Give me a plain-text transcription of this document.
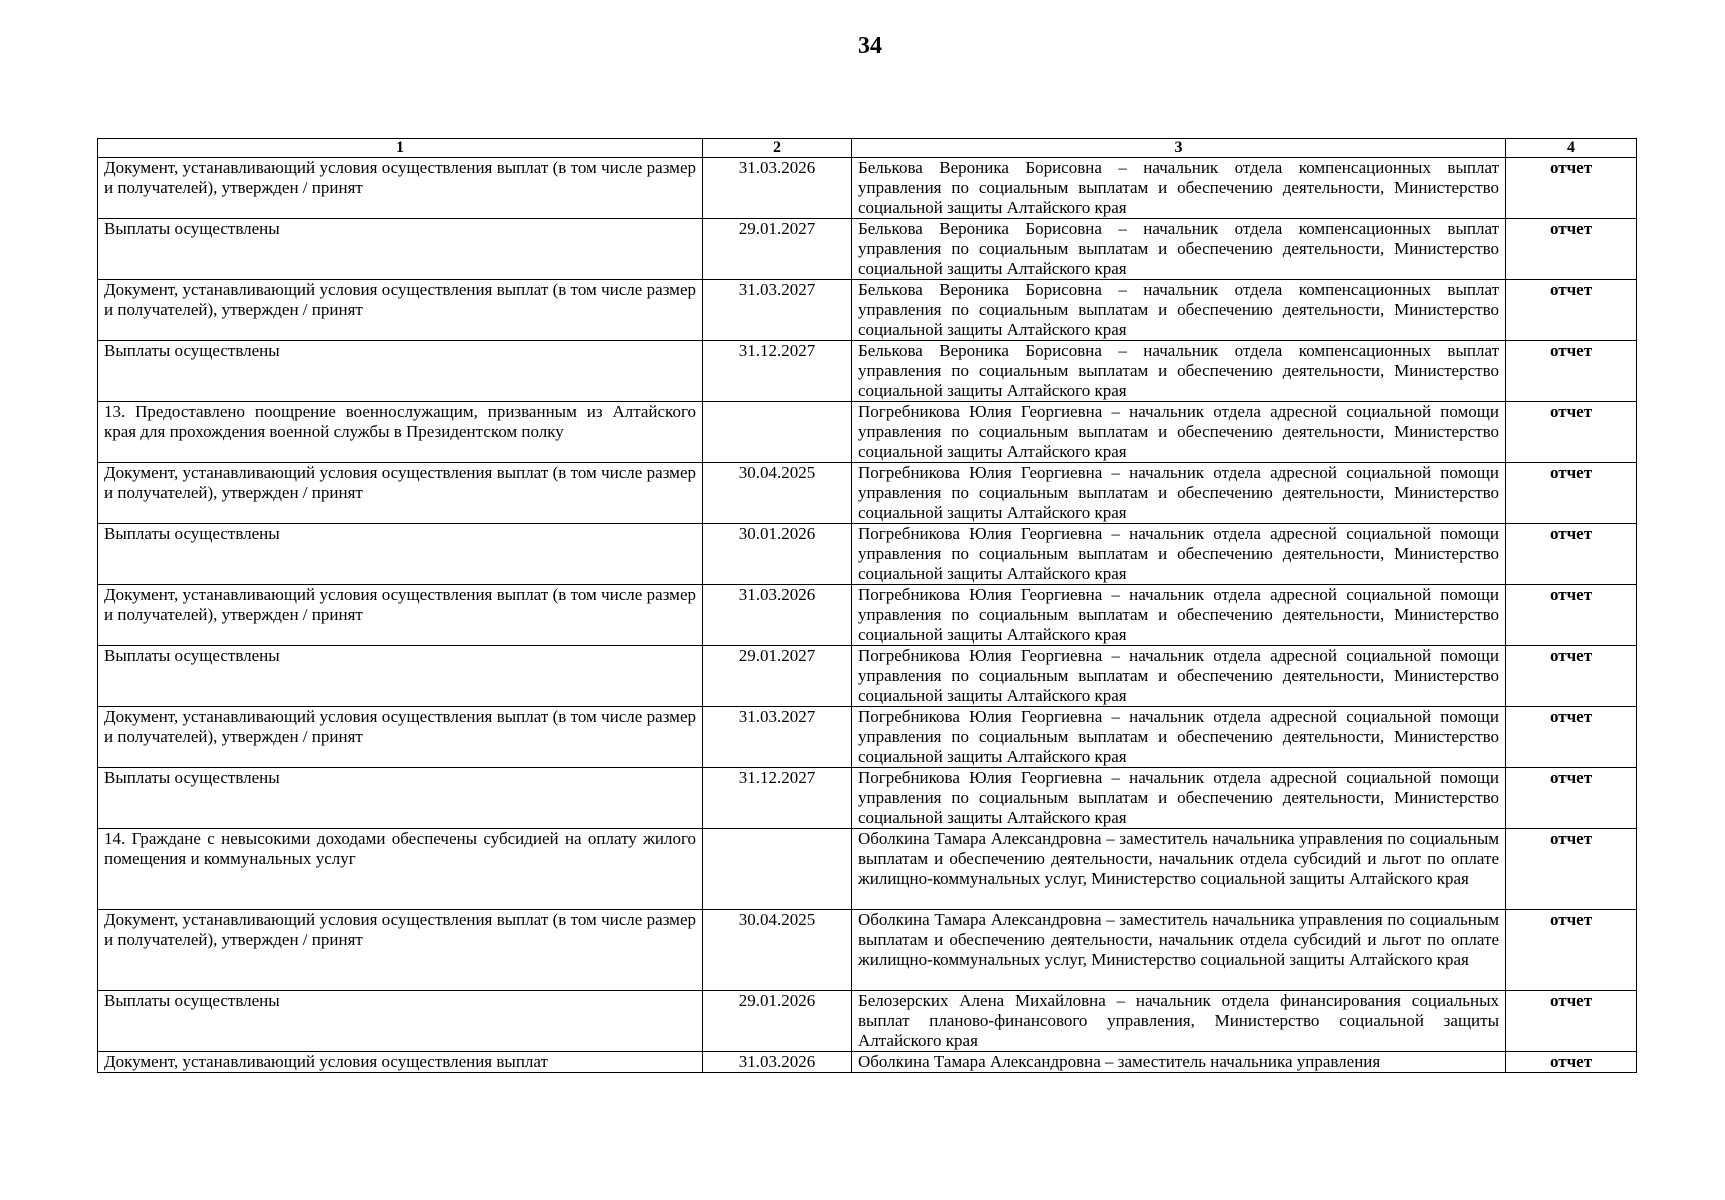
34
1	2	3	4
Документ, устанавливающий условия осуществления выплат (в том числе размер и получателей), утвержден / принят	31.03.2026	Белькова Вероника Борисовна – начальник отдела компенсационных выплат управления по социальным выплатам и обеспечению деятельности, Министерство социальной защиты Алтайского края	отчет
Выплаты осуществлены	29.01.2027	Белькова Вероника Борисовна – начальник отдела компенсационных выплат управления по социальным выплатам и обеспечению деятельности, Министерство социальной защиты Алтайского края	отчет
Документ, устанавливающий условия осуществления выплат (в том числе размер и получателей), утвержден / принят	31.03.2027	Белькова Вероника Борисовна – начальник отдела компенсационных выплат управления по социальным выплатам и обеспечению деятельности, Министерство социальной защиты Алтайского края	отчет
Выплаты осуществлены	31.12.2027	Белькова Вероника Борисовна – начальник отдела компенсационных выплат управления по социальным выплатам и обеспечению деятельности, Министерство социальной защиты Алтайского края	отчет
13. Предоставлено поощрение военнослужащим, призванным из Алтайского края для прохождения военной службы в Президентском полку		Погребникова Юлия Георгиевна – начальник отдела адресной социальной помощи управления по социальным выплатам и обеспечению деятельности, Министерство социальной защиты Алтайского края	отчет
Документ, устанавливающий условия осуществления выплат (в том числе размер и получателей), утвержден / принят	30.04.2025	Погребникова Юлия Георгиевна – начальник отдела адресной социальной помощи управления по социальным выплатам и обеспечению деятельности, Министерство социальной защиты Алтайского края	отчет
Выплаты осуществлены	30.01.2026	Погребникова Юлия Георгиевна – начальник отдела адресной социальной помощи управления по социальным выплатам и обеспечению деятельности, Министерство социальной защиты Алтайского края	отчет
Документ, устанавливающий условия осуществления выплат (в том числе размер и получателей), утвержден / принят	31.03.2026	Погребникова Юлия Георгиевна – начальник отдела адресной социальной помощи управления по социальным выплатам и обеспечению деятельности, Министерство социальной защиты Алтайского края	отчет
Выплаты осуществлены	29.01.2027	Погребникова Юлия Георгиевна – начальник отдела адресной социальной помощи управления по социальным выплатам и обеспечению деятельности, Министерство социальной защиты Алтайского края	отчет
Документ, устанавливающий условия осуществления выплат (в том числе размер и получателей), утвержден / принят	31.03.2027	Погребникова Юлия Георгиевна – начальник отдела адресной социальной помощи управления по социальным выплатам и обеспечению деятельности, Министерство социальной защиты Алтайского края	отчет
Выплаты осуществлены	31.12.2027	Погребникова Юлия Георгиевна – начальник отдела адресной социальной помощи управления по социальным выплатам и обеспечению деятельности, Министерство социальной защиты Алтайского края	отчет
14. Граждане с невысокими доходами обеспечены субсидией на оплату жилого помещения и коммунальных услуг		Оболкина Тамара Александровна – заместитель начальника управления по социальным выплатам и обеспечению деятельности, начальник отдела субсидий и льгот по оплате жилищно-коммунальных услуг, Министерство социальной защиты Алтайского края	отчет
Документ, устанавливающий условия осуществления выплат (в том числе размер и получателей), утвержден / принят	30.04.2025	Оболкина Тамара Александровна – заместитель начальника управления по социальным выплатам и обеспечению деятельности, начальник отдела субсидий и льгот по оплате жилищно-коммунальных услуг, Министерство социальной защиты Алтайского края	отчет
Выплаты осуществлены	29.01.2026	Белозерских Алена Михайловна – начальник отдела финансирования социальных выплат планово-финансового управления, Министерство социальной защиты Алтайского края	отчет
Документ, устанавливающий условия осуществления выплат	31.03.2026	Оболкина Тамара Александровна – заместитель начальника управления	отчет
